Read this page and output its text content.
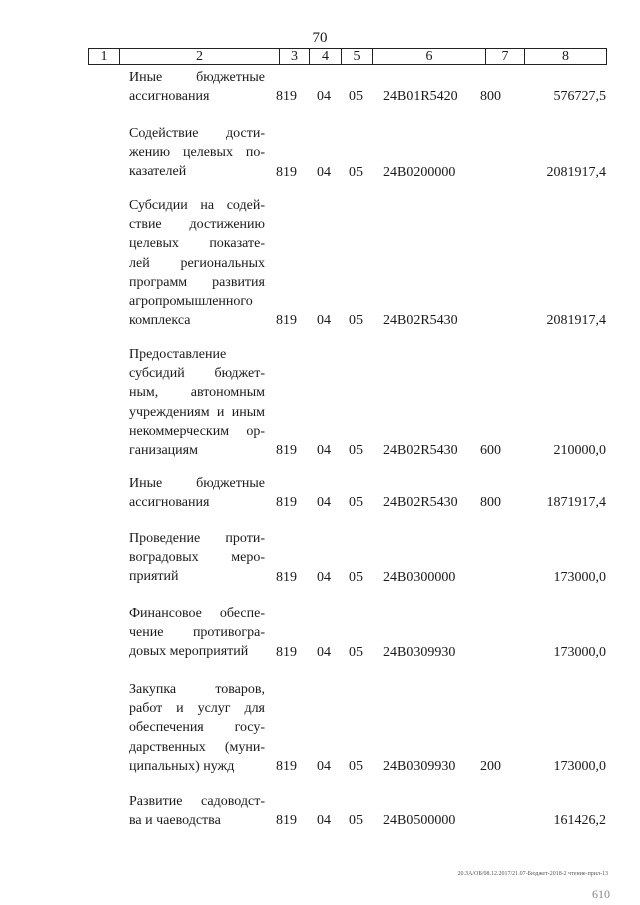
70
1	2	3	4	5	6	7	8
Иные бюджетные
ассигнования	819 04 05 24В01R5420 800	576727,5
Содействие дости-
жению целевых по-
казателей	819 04 05 24В0200000	2081917,4
Субсидии на содей-
ствие достижению
целевых показате-
лей региональных
программ развития
агропромышленного
комплекса	819 04 05 24В02R5430	2081917,4
Предоставление
субсидий бюджет-
ным, автономным
учреждениям и иным
некоммерческим ор-
ганизациям	819 04 05 24В02R5430 600	210000,0
Иные бюджетные
ассигнования	819 04 05 24В02R5430 800	1871917,4
Проведение проти-
воградовых меро-
приятий	819 04 05 24В0300000	173000,0
Финансовое обеспе-
чение противогра-
довых мероприятий	819 04 05 24В0309930	173000,0
Закупка товаров,
работ и услуг для
обеспечения госу-
дарственных (муни-
ципальных) нужд	819 04 05 24В0309930 200	173000,0
Развитие садоводст-
ва и чаеводства	819 04 05 24В0500000	161426,2
20.ЗА/ОБ/08.12.2017/21.07-Бюджет-2018-2 чтение-прил-13
610
